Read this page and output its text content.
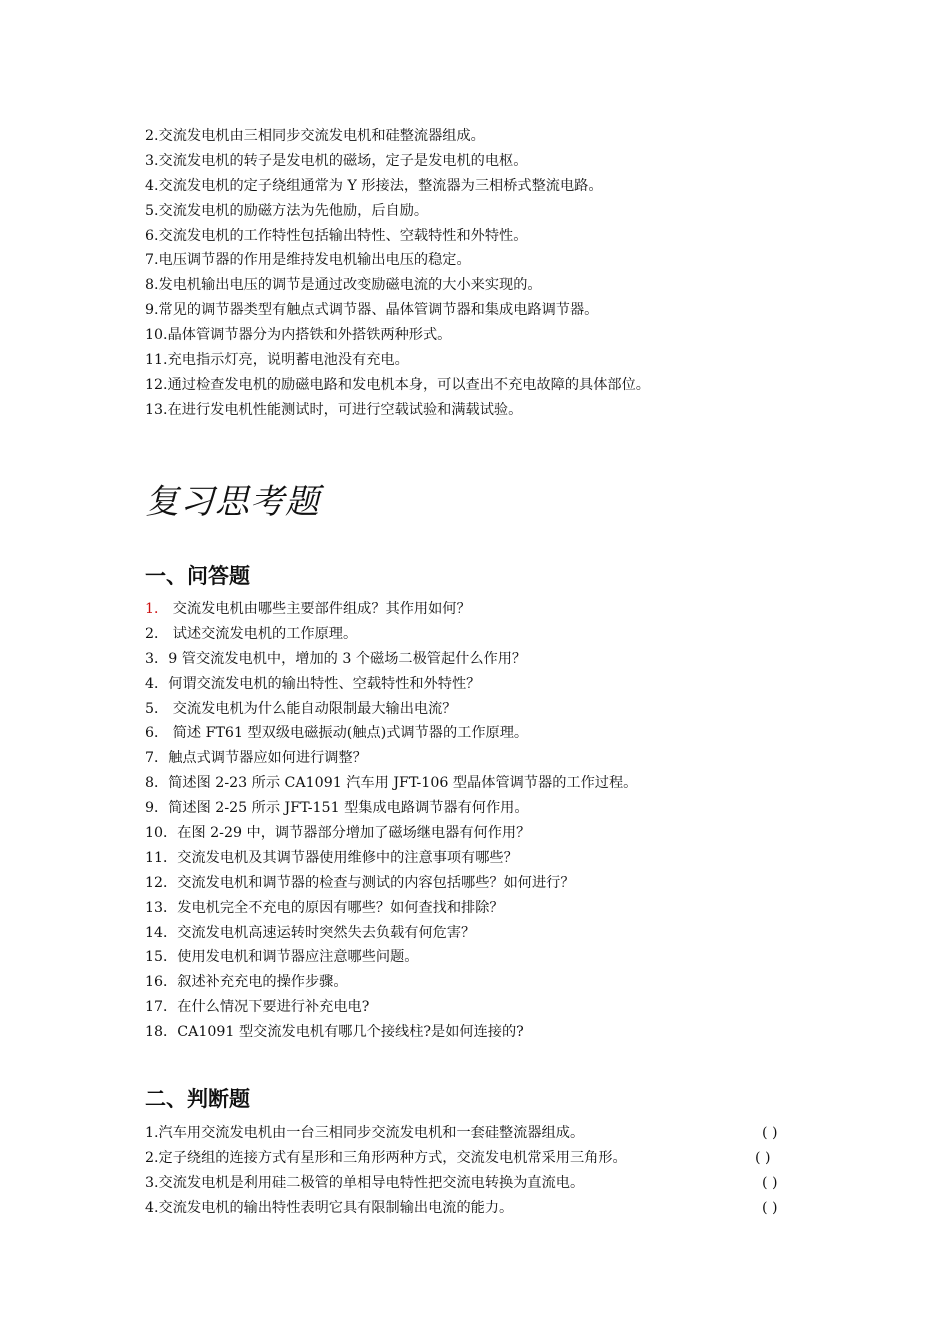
2.交流发电机由三相同步交流发电机和硅整流器组成。
3.交流发电机的转子是发电机的磁场，定子是发电机的电枢。
4.交流发电机的定子绕组通常为 Y 形接法，整流器为三相桥式整流电路。
5.交流发电机的励磁方法为先他励，后自励。
6.交流发电机的工作特性包括输出特性、空载特性和外特性。
7.电压调节器的作用是维持发电机输出电压的稳定。
8.发电机输出电压的调节是通过改变励磁电流的大小来实现的。
9.常见的调节器类型有触点式调节器、晶体管调节器和集成电路调节器。
10.晶体管调节器分为内搭铁和外搭铁两种形式。
11.充电指示灯亮，说明蓄电池没有充电。
12.通过检查发电机的励磁电路和发电机本身，可以查出不充电故障的具体部位。
13.在进行发电机性能测试时，可进行空载试验和满载试验。
复习思考题
一、问答题
1． 交流发电机由哪些主要部件组成？其作用如何？
2． 试述交流发电机的工作原理。
3．9 管交流发电机中，增加的 3 个磁场二极管起什么作用？
4．何谓交流发电机的输出特性、空载特性和外特性？
5． 交流发电机为什么能自动限制最大输出电流？
6． 简述 FT61 型双级电磁振动(触点)式调节器的工作原理。
7．触点式调节器应如何进行调整？
8．简述图 2-23 所示 CA1091 汽车用 JFT-106 型晶体管调节器的工作过程。
9．简述图 2-25 所示 JFT-151 型集成电路调节器有何作用。
10．在图 2-29 中，调节器部分增加了磁场继电器有何作用？
11．交流发电机及其调节器使用维修中的注意事项有哪些？
12．交流发电机和调节器的检查与测试的内容包括哪些？如何进行？
13．发电机完全不充电的原因有哪些？如何查找和排除？
14．交流发电机高速运转时突然失去负载有何危害？
15．使用发电机和调节器应注意哪些问题。
16．叙述补充充电的操作步骤。
17．在什么情况下要进行补充电电?
18．CA1091 型交流发电机有哪几个接线柱?是如何连接的?
二、判断题
1.汽车用交流发电机由一台三相同步交流发电机和一套硅整流器组成。	( )
2.定子绕组的连接方式有星形和三角形两种方式，交流发电机常采用三角形。	( )
3.交流发电机是利用硅二极管的单相导电特性把交流电转换为直流电。	( )
4.交流发电机的输出特性表明它具有限制输出电流的能力。	( )
